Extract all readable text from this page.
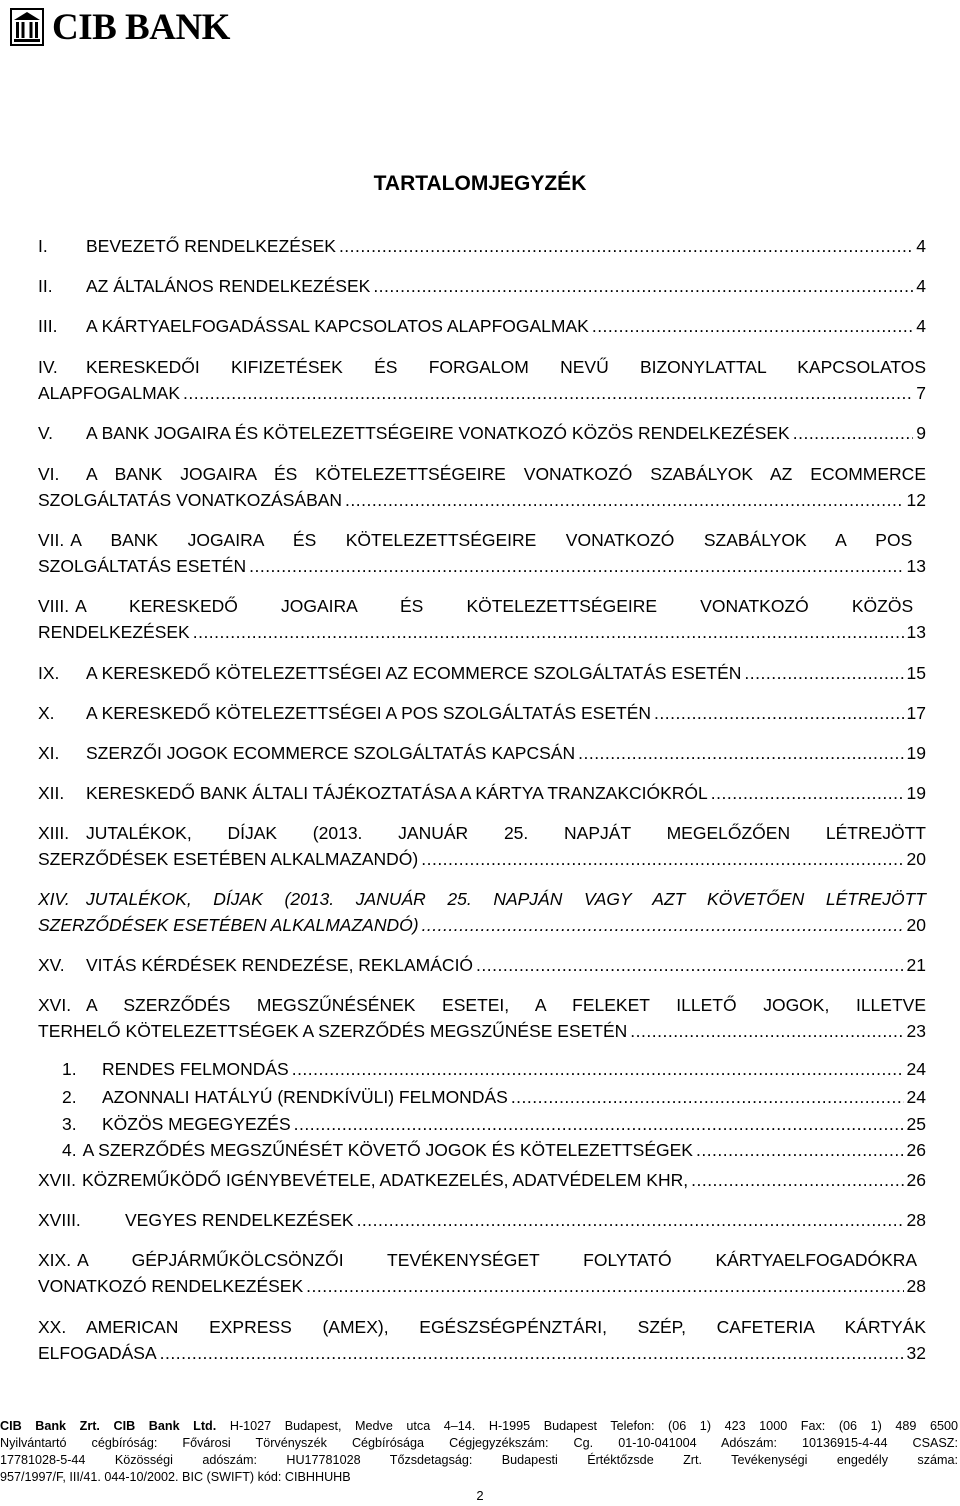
CIB BANK
TARTALOMJEGYZÉK
I.	BEVEZETŐ RENDELKEZÉSEK .....	4
II.	AZ ÁLTALÁNOS RENDELKEZÉSEK .....	4
III.	A KÁRTYAELFOGADÁSSAL KAPCSOLATOS ALAPFOGALMAK .....	4
IV.	KERESKEDŐI KIFIZETÉSEK ÉS FORGALOM NEVŰ BIZONYLATTAL KAPCSOLATOS
ALAPFOGALMAK .....	7
V.	A BANK JOGAIRA ÉS KÖTELEZETTSÉGEIRE VONATKOZÓ KÖZÖS RENDELKEZÉSEK .....	9
VI.	A BANK JOGAIRA ÉS KÖTELEZETTSÉGEIRE VONATKOZÓ SZABÁLYOK AZ ECOMMERCE
SZOLGÁLTATÁS VONATKOZÁSÁBAN .....	12
VII. A BANK JOGAIRA ÉS KÖTELEZETTSÉGEIRE VONATKOZÓ SZABÁLYOK A POS
SZOLGÁLTATÁS ESETÉN .....	13
VIII. A KERESKEDŐ JOGAIRA ÉS KÖTELEZETTSÉGEIRE VONATKOZÓ KÖZÖS
RENDELKEZÉSEK .....	13
IX.	A KERESKEDŐ KÖTELEZETTSÉGEI AZ ECOMMERCE SZOLGÁLTATÁS ESETÉN .....	15
X.	A KERESKEDŐ KÖTELEZETTSÉGEI A POS SZOLGÁLTATÁS ESETÉN .....	17
XI.	SZERZŐI JOGOK ECOMMERCE SZOLGÁLTATÁS KAPCSÁN .....	19
XII.	KERESKEDŐ BANK ÁLTALI TÁJÉKOZTATÁSA A KÁRTYA TRANZAKCIÓKRÓL .....	19
XIII. JUTALÉKOK, DÍJAK (2013. JANUÁR 25. NAPJÁT MEGELŐZŐEN LÉTREJÖTT
SZERZŐDÉSEK ESETÉBEN ALKALMAZANDÓ) .....	20
XIV. JUTALÉKOK, DÍJAK (2013. JANUÁR 25. NAPJÁN VAGY AZT KÖVETŐEN LÉTREJÖTT
SZERZŐDÉSEK ESETÉBEN ALKALMAZANDÓ) .....	20
XV.	VITÁS KÉRDÉSEK RENDEZÉSE, REKLAMÁCIÓ .....	21
XVI. A SZERZŐDÉS MEGSZŰNÉSÉNEK ESETEI, A FELEKET ILLETŐ JOGOK, ILLETVE
TERHELŐ KÖTELEZETTSÉGEK A SZERZŐDÉS MEGSZŰNÉSE ESETÉN .....	23
1.	RENDES FELMONDÁS .....	24
2.	AZONNALI HATÁLYÚ (RENDKÍVÜLI) FELMONDÁS .....	24
3.	KÖZÖS MEGEGYEZÉS .....	25
4. A SZERZŐDÉS MEGSZŰNÉSÉT KÖVETŐ JOGOK ÉS KÖTELEZETTSÉGEK .....	26
XVII. KÖZREMŰKÖDŐ IGÉNYBEVÉTELE, ADATKEZELÉS, ADATVÉDELEM KHR, .....	26
XVIII.	VEGYES RENDELKEZÉSEK .....	28
XIX. A GÉPJÁRMŰKÖLCSÖNZŐI TEVÉKENYSÉGET FOLYTATÓ KÁRTYAELFOGADÓKRA
VONATKOZÓ RENDELKEZÉSEK .....	28
XX.	AMERICAN EXPRESS (AMEX), EGÉSZSÉGPÉNZTÁRI, SZÉP, CAFETERIA KÁRTYÁK
ELFOGADÁSA .....	32
CIB Bank Zrt. CIB Bank Ltd. H-1027 Budapest, Medve utca 4–14. H-1995 Budapest Telefon: (06 1) 423 1000 Fax: (06 1) 489 6500
Nyilvántartó cégbíróság: Fővárosi Törvényszék Cégbírósága Cégjegyzékszám: Cg. 01-10-041004 Adószám: 10136915-4-44 CSASZ:
17781028-5-44 Közösségi adószám: HU17781028 Tőzsdetagság: Budapesti Értéktőzsde Zrt. Tevékenységi engedély száma:
957/1997/F, III/41. 044-10/2002. BIC (SWIFT) kód: CIBHHUHB
2
